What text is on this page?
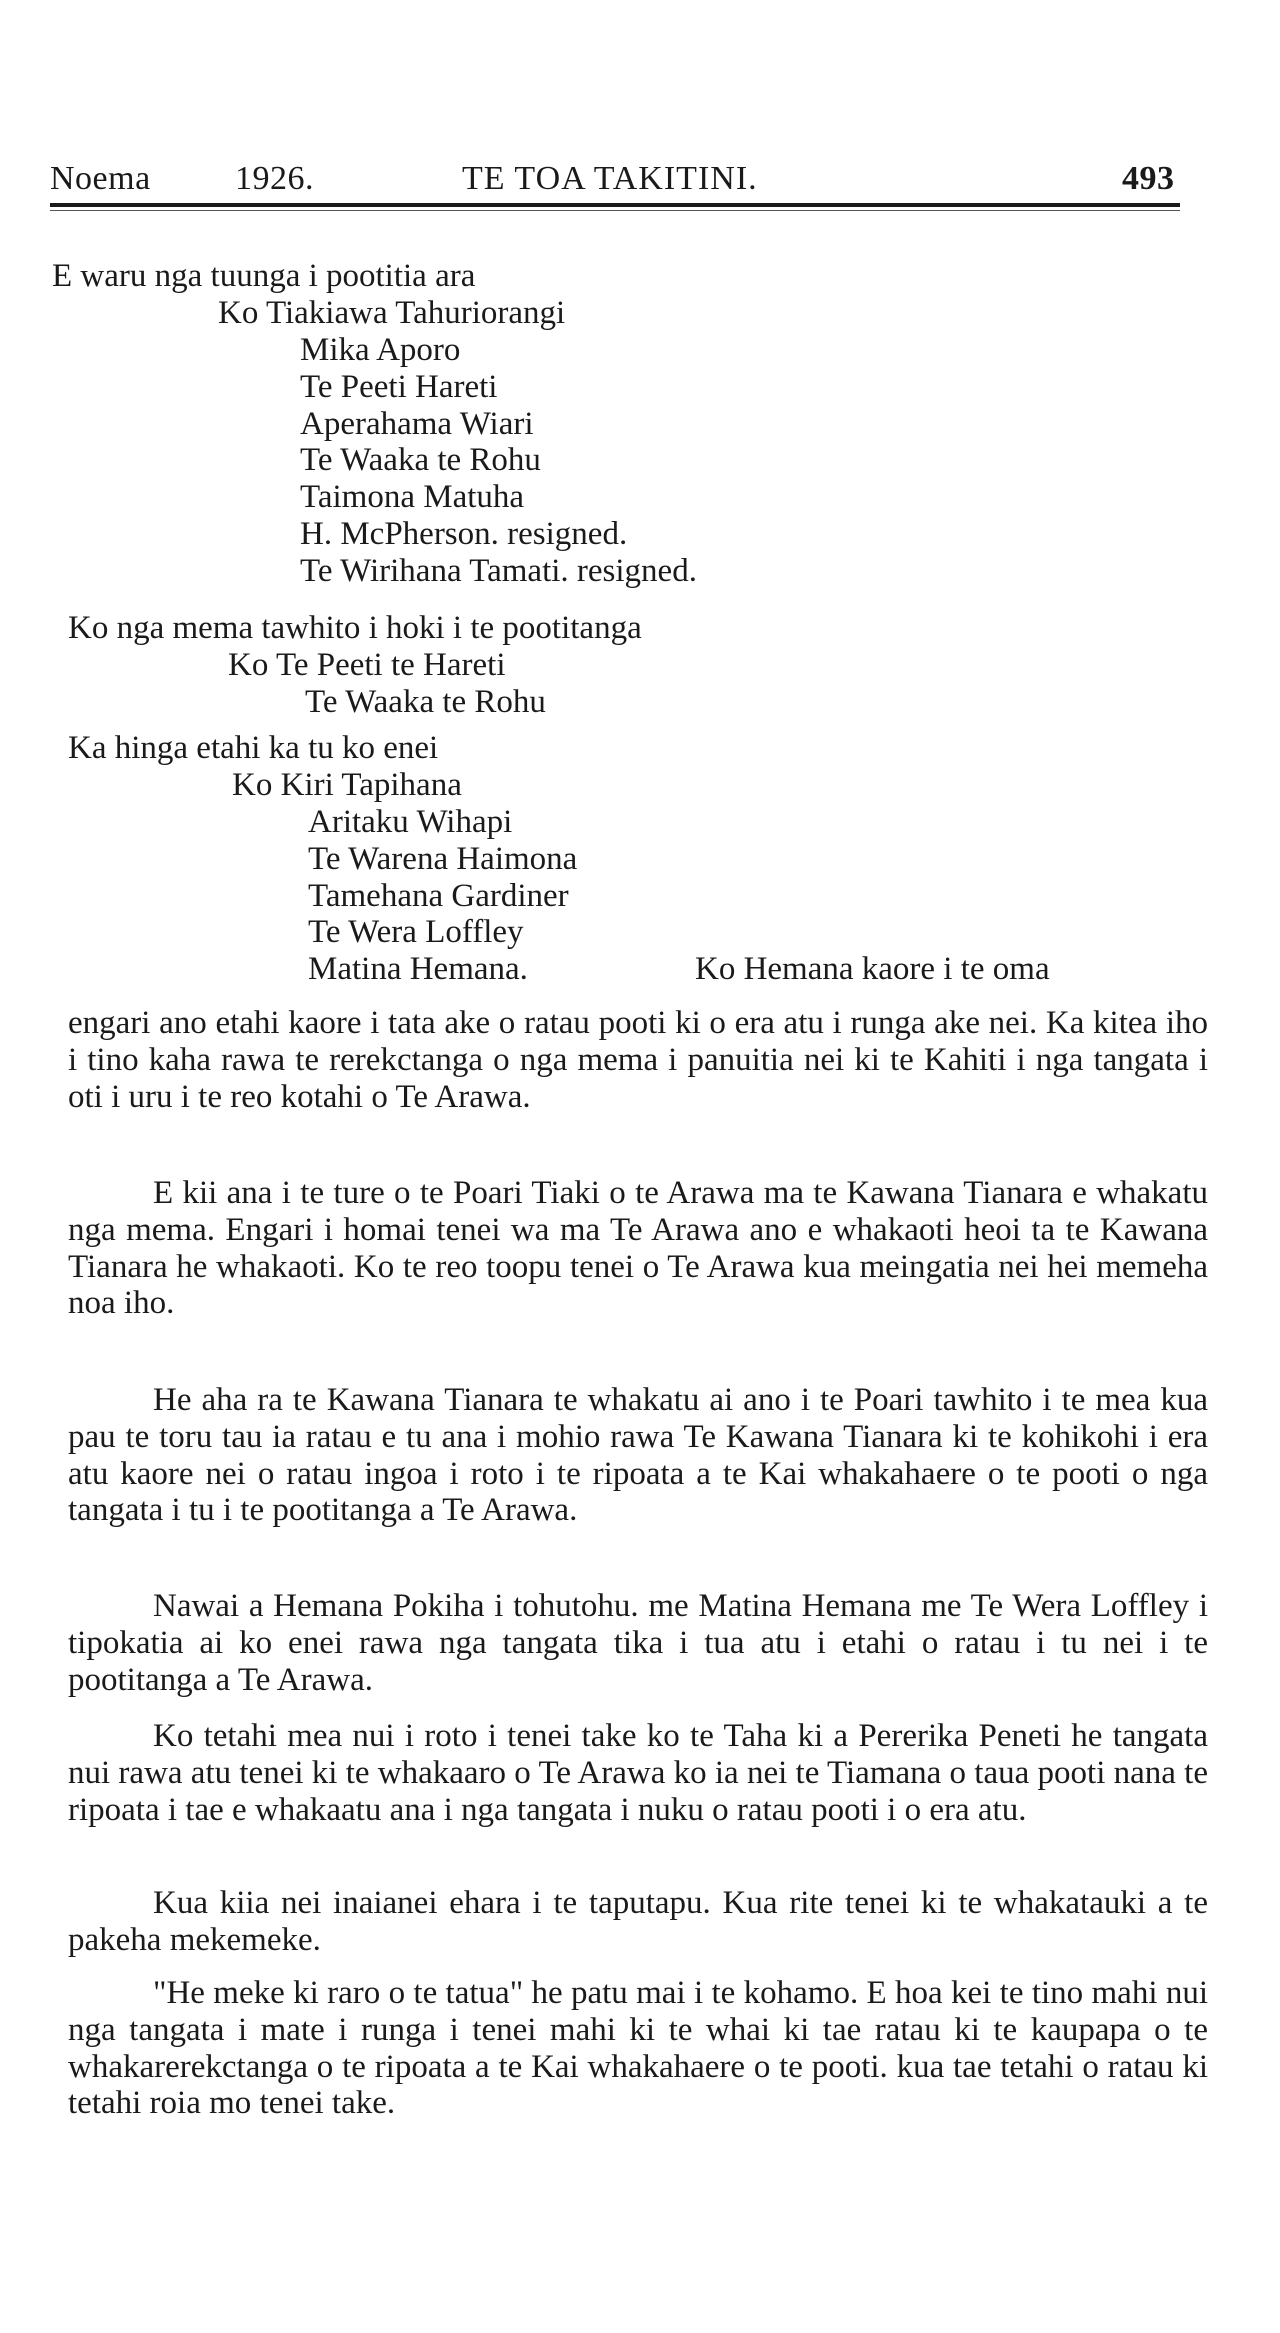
Noema 1926.	TE TOA TAKITINI.	493
E waru nga tuunga i pootitia ara
Ko Tiakiawa Tahuriorangi
Mika Aporo
Te Peeti Hareti
Aperahama Wiari
Te Waaka te Rohu
Taimona Matuha
H. McPherson. resigned.
Te Wirihana Tamati. resigned.
Ko nga mema tawhito i hoki i te pootitanga
Ko Te Peeti te Hareti
Te Waaka te Rohu
Ka hinga etahi ka tu ko enei
Ko Kiri Tapihana
Aritaku Wihapi
Te Warena Haimona
Tamehana Gardiner
Te Wera Loffley
Matina Hemana.	Ko Hemana kaore i te oma

engari ano etahi kaore i tata ake o ratau pooti ki o era atu i runga ake nei. Ka kitea iho i tino kaha rawa te rerekctanga o nga mema i panuitia nei ki te Kahiti i nga tangata i oti i uru i te reo kotahi o Te Arawa.

E kii ana i te ture o te Poari Tiaki o te Arawa ma te Kawana Tianara e whakatu nga mema. Engari i homai tenei wa ma Te Arawa ano e whakaoti heoi ta te Kawana Tianara he whakaoti. Ko te reo toopu tenei o Te Arawa kua meingatia nei hei memeha noa iho.

He aha ra te Kawana Tianara te whakatu ai ano i te Poari tawhito i te mea kua pau te toru tau ia ratau e tu ana i mohio rawa Te Kawana Tianara ki te kohikohi i era atu kaore nei o ratau ingoa i roto i te ripoata a te Kai whakahaere o te pooti o nga tangata i tu i te pootitanga a Te Arawa.

Nawai a Hemana Pokiha i tohutohu. me Matina Hemana me Te Wera Loffley i tipokatia ai ko enei rawa nga tangata tika i tua atu i etahi o ratau i tu nei i te pootitanga a Te Arawa.

Ko tetahi mea nui i roto i tenei take ko te Taha ki a Pererika Peneti he tangata nui rawa atu tenei ki te whakaaro o Te Arawa ko ia nei te Tiamana o taua pooti nana te ripoata i tae e whakaatu ana i nga tangata i nuku o ratau pooti i o era atu.

Kua kiia nei inaianei ehara i te taputapu. Kua rite tenei ki te whakatauki a te pakeha mekemeke.

"He meke ki raro o te tatua" he patu mai i te kohamo. E hoa kei te tino mahi nui nga tangata i mate i runga i tenei mahi ki te whai ki tae ratau ki te kaupapa o te whakarerekctanga o te ripoata a te Kai whakahaere o te pooti. kua tae tetahi o ratau ki tetahi roia mo tenei take.
